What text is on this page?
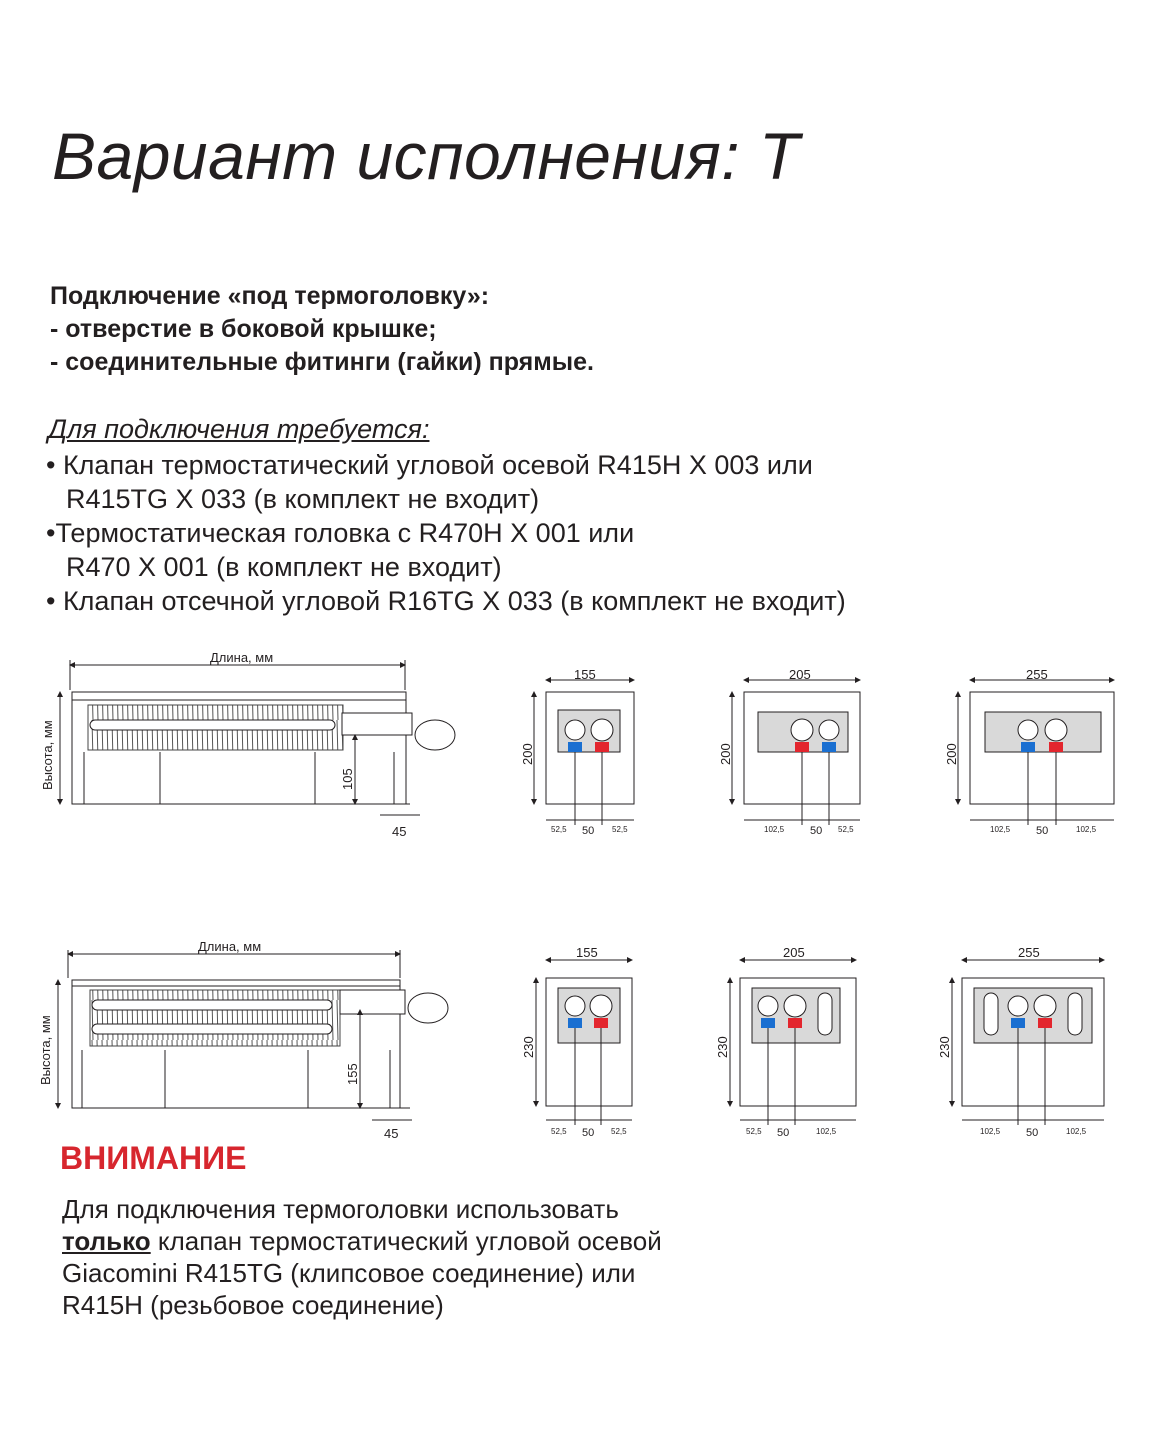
Вариант исполнения: Т
Подключение «под термоголовку»:
- отверстие в боковой крышке;
- соединительные фитинги (гайки) прямые.
Для подключения требуется:
• Клапан термостатический угловой осевой R415H X 003 или
R415TG X 033 (в комплект не входит)
•Термостатическая головка с R470H X 001 или
R470 X 001 (в комплект не входит)
• Клапан отсечной угловой R16TG X 033 (в комплект не входит)
Длина, мм
Высота, мм	105
45
155
200
52,5 50 52,5
205
200
102,5 50 52,5
255
200
102,5 50	102,5
Длина, мм
Высота, мм	155
45
155
230
52,5 50 52,5
205
230
52,5 50	102,5
255
230
102,5 50	102,5
ВНИМАНИЕ
Для подключения термоголовки использовать
только клапан термостатический угловой осевой
Giacomini R415TG (клипсовое соединение) или
R415H (резьбовое соединение)
